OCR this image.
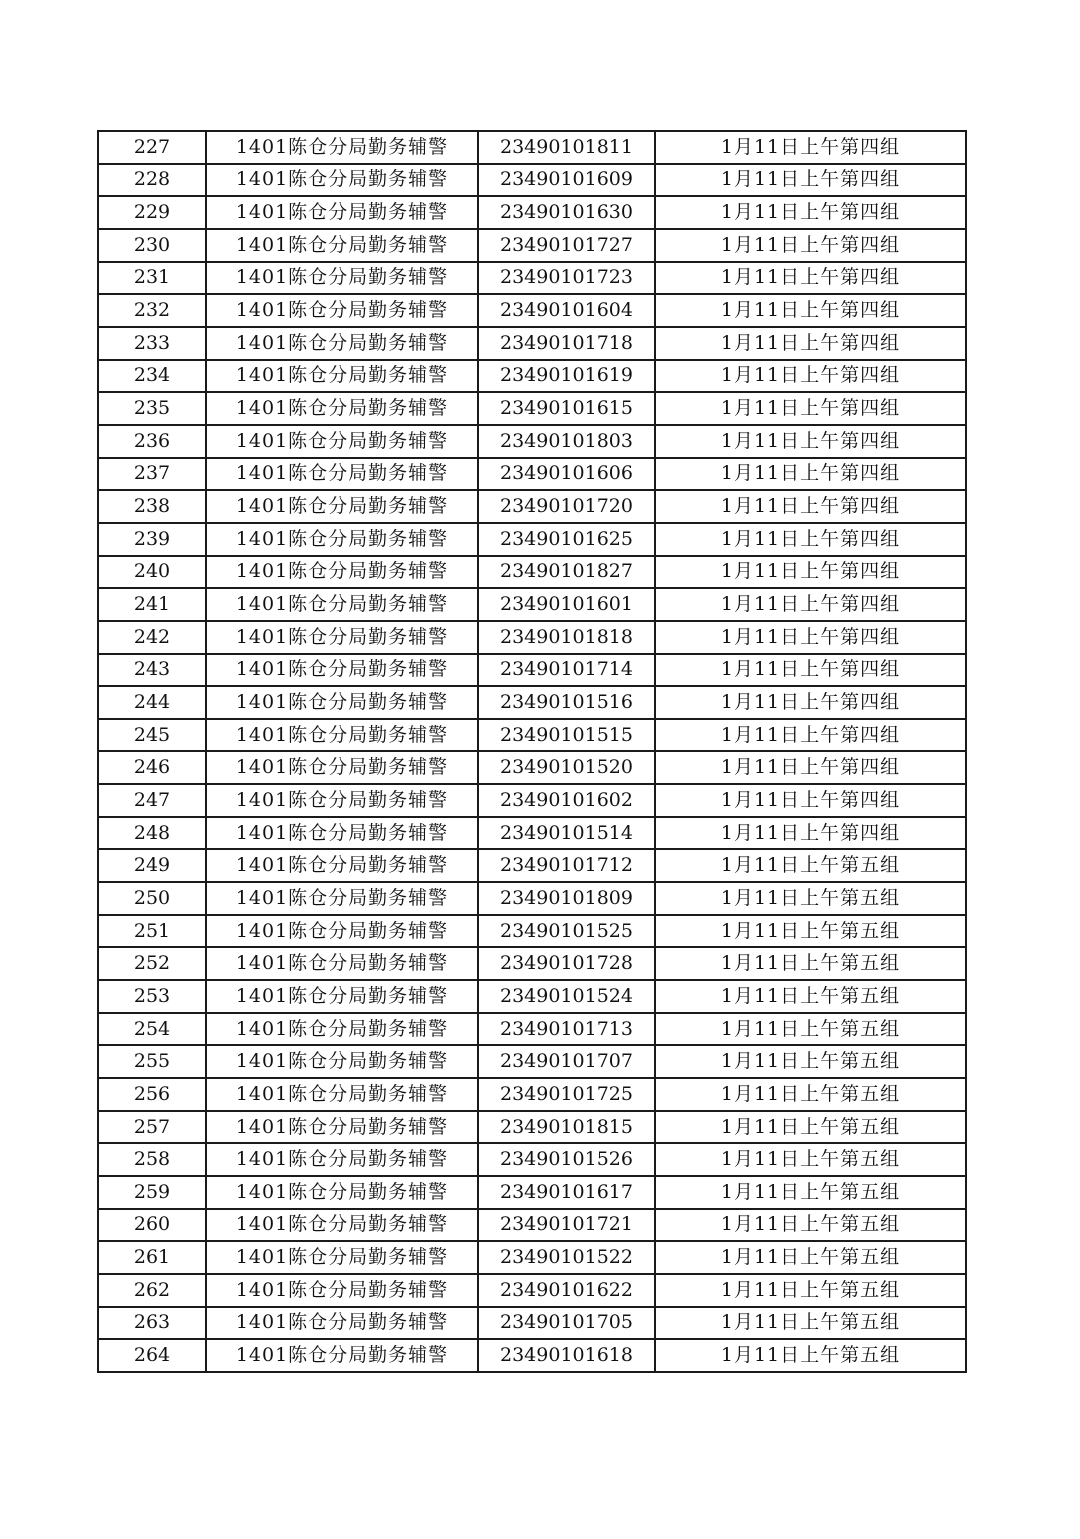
227	1401陈仓分局勤务辅警	23490101811	1月11日上午第四组
228	1401陈仓分局勤务辅警	23490101609	1月11日上午第四组
229	1401陈仓分局勤务辅警	23490101630	1月11日上午第四组
230	1401陈仓分局勤务辅警	23490101727	1月11日上午第四组
231	1401陈仓分局勤务辅警	23490101723	1月11日上午第四组
232	1401陈仓分局勤务辅警	23490101604	1月11日上午第四组
233	1401陈仓分局勤务辅警	23490101718	1月11日上午第四组
234	1401陈仓分局勤务辅警	23490101619	1月11日上午第四组
235	1401陈仓分局勤务辅警	23490101615	1月11日上午第四组
236	1401陈仓分局勤务辅警	23490101803	1月11日上午第四组
237	1401陈仓分局勤务辅警	23490101606	1月11日上午第四组
238	1401陈仓分局勤务辅警	23490101720	1月11日上午第四组
239	1401陈仓分局勤务辅警	23490101625	1月11日上午第四组
240	1401陈仓分局勤务辅警	23490101827	1月11日上午第四组
241	1401陈仓分局勤务辅警	23490101601	1月11日上午第四组
242	1401陈仓分局勤务辅警	23490101818	1月11日上午第四组
243	1401陈仓分局勤务辅警	23490101714	1月11日上午第四组
244	1401陈仓分局勤务辅警	23490101516	1月11日上午第四组
245	1401陈仓分局勤务辅警	23490101515	1月11日上午第四组
246	1401陈仓分局勤务辅警	23490101520	1月11日上午第四组
247	1401陈仓分局勤务辅警	23490101602	1月11日上午第四组
248	1401陈仓分局勤务辅警	23490101514	1月11日上午第四组
249	1401陈仓分局勤务辅警	23490101712	1月11日上午第五组
250	1401陈仓分局勤务辅警	23490101809	1月11日上午第五组
251	1401陈仓分局勤务辅警	23490101525	1月11日上午第五组
252	1401陈仓分局勤务辅警	23490101728	1月11日上午第五组
253	1401陈仓分局勤务辅警	23490101524	1月11日上午第五组
254	1401陈仓分局勤务辅警	23490101713	1月11日上午第五组
255	1401陈仓分局勤务辅警	23490101707	1月11日上午第五组
256	1401陈仓分局勤务辅警	23490101725	1月11日上午第五组
257	1401陈仓分局勤务辅警	23490101815	1月11日上午第五组
258	1401陈仓分局勤务辅警	23490101526	1月11日上午第五组
259	1401陈仓分局勤务辅警	23490101617	1月11日上午第五组
260	1401陈仓分局勤务辅警	23490101721	1月11日上午第五组
261	1401陈仓分局勤务辅警	23490101522	1月11日上午第五组
262	1401陈仓分局勤务辅警	23490101622	1月11日上午第五组
263	1401陈仓分局勤务辅警	23490101705	1月11日上午第五组
264	1401陈仓分局勤务辅警	23490101618	1月11日上午第五组
